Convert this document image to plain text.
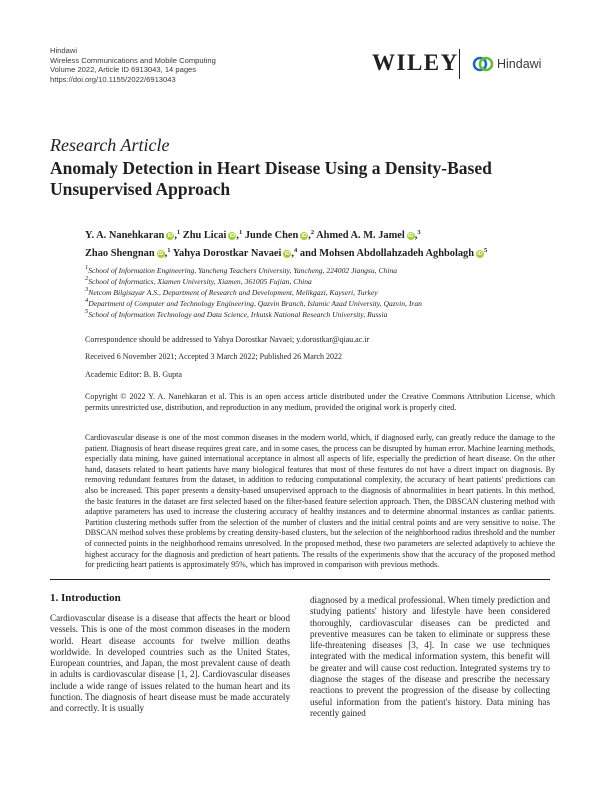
Hindawi
Wireless Communications and Mobile Computing
Volume 2022, Article ID 6913043, 14 pages
https://doi.org/10.1155/2022/6913043
WILEY	Hindawi
Research Article
Anomaly Detection in Heart Disease Using a Density-Based Unsupervised Approach
Y. A. Nanehkaran iD,$^1$ Zhu Licai iD,$^1$ Junde Chen iD,$^2$ Ahmed A. M. Jamel iD,$^3$
Zhao Shengnan iD,$^1$ Yahya Dorostkar Navaei iD,$^4$ and Mohsen Abdollahzadeh Aghbolagh $iD^5$
$^1$School of Information Engineering, Yancheng Teachers University, Yancheng, 224002 Jiangsu, China
$^2$School of Informatics, Xiamen University, Xiamen, 361005 Fujian, China
$^3$Netcom Bilgisayar A.S., Department of Research and Development, Melikgazi, Kayseri, Turkey
$^4$Department of Computer and Technology Engineering, Qazvin Branch, Islamic Azad University, Qazvin, Iran
$^5$School of Information Technology and Data Science, Irkutsk National Research University, Russia
Correspondence should be addressed to Yahya Dorostkar Navaei; y.dorostkar@qiau.ac.ir
Received 6 November 2021; Accepted 3 March 2022; Published 26 March 2022
Academic Editor: B. B. Gupta
Copyright © 2022 Y. A. Nanehkaran et al. This is an open access article distributed under the Creative Commons Attribution License, which permits unrestricted use, distribution, and reproduction in any medium, provided the original work is properly cited.
Cardiovascular disease is one of the most common diseases in the modern world, which, if diagnosed early, can greatly reduce the damage to the patient. Diagnosis of heart disease requires great care, and in some cases, the process can be disrupted by human error. Machine learning methods, especially data mining, have gained international acceptance in almost all aspects of life, especially the prediction of heart disease. On the other hand, datasets related to heart patients have many biological features that most of these features do not have a direct impact on diagnosis. By removing redundant features from the dataset, in addition to reducing computational complexity, the accuracy of heart patients' predictions can also be increased. This paper presents a density-based unsupervised approach to the diagnosis of abnormalities in heart patients. In this method, the basic features in the dataset are first selected based on the filter-based feature selection approach. Then, the DBSCAN clustering method with adaptive parameters has used to increase the clustering accuracy of healthy instances and to determine abnormal instances as cardiac patients. Partition clustering methods suffer from the selection of the number of clusters and the initial central points and are very sensitive to noise. The DBSCAN method solves these problems by creating density-based clusters, but the selection of the neighborhood radius threshold and the number of connected points in the neighborhood remains unresolved. In the proposed method, these two parameters are selected adaptively to achieve the highest accuracy for the diagnosis and prediction of heart patients. The results of the experiments show that the accuracy of the proposed method for predicting heart patients is approximately 95%, which has improved in comparison with previous methods.
1. Introduction
Cardiovascular disease is a disease that affects the heart or blood vessels. This is one of the most common diseases in the modern world. Heart disease accounts for twelve million deaths worldwide. In developed countries such as the United States, European countries, and Japan, the most prevalent cause of death in adults is cardiovascular disease [1, 2]. Cardiovascular diseases include a wide range of issues related to the human heart and its function. The diagnosis of heart disease must be made accurately and correctly. It is usually
diagnosed by a medical professional. When timely prediction and studying patients' history and lifestyle have been considered thoroughly, cardiovascular diseases can be predicted and preventive measures can be taken to eliminate or suppress these life-threatening diseases [3, 4]. In case we use techniques integrated with the medical information system, this benefit will be greater and will cause cost reduction. Integrated systems try to diagnose the stages of the disease and prescribe the necessary reactions to prevent the progression of the disease by collecting useful information from the patient's history. Data mining has recently gained
